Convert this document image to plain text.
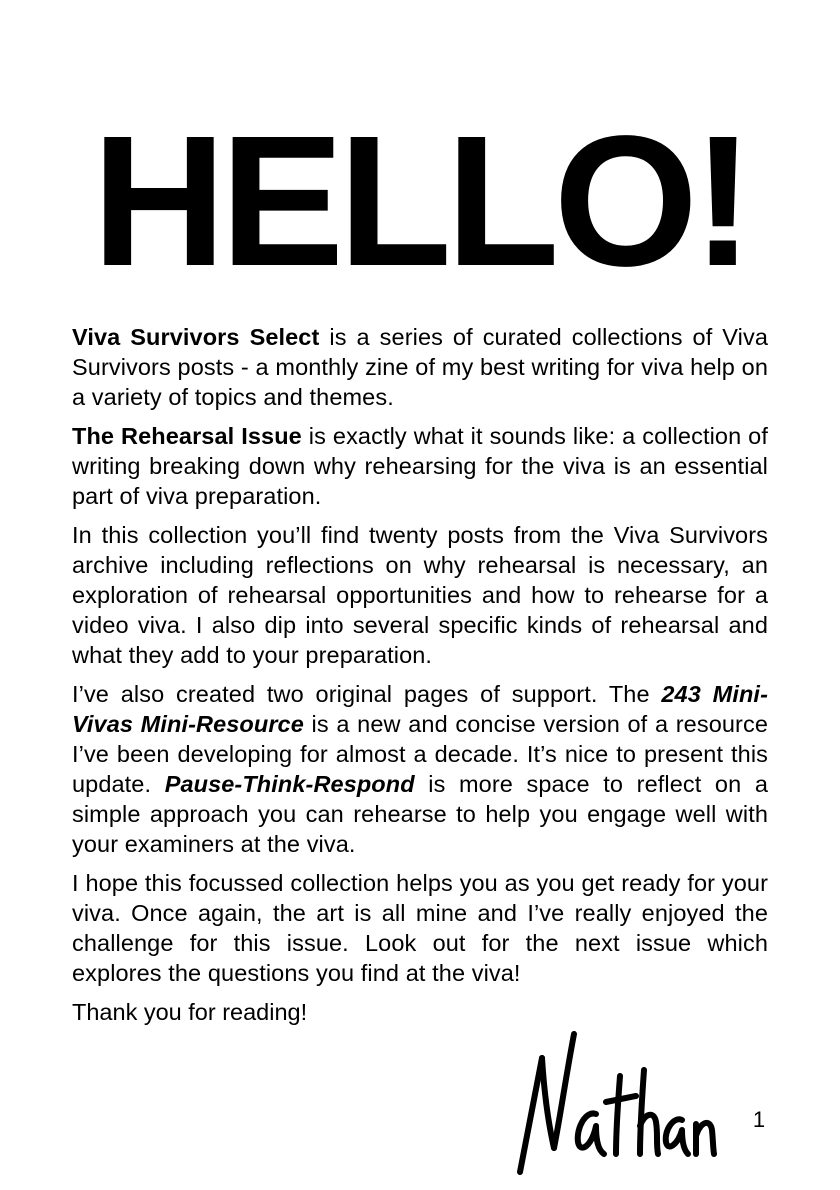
HELLO!

Viva Survivors Select is a series of curated collections of Viva Survivors posts - a monthly zine of my best writing for viva help on a variety of topics and themes.

The Rehearsal Issue is exactly what it sounds like: a collection of writing breaking down why rehearsing for the viva is an essential part of viva preparation.

In this collection you’ll find twenty posts from the Viva Survivors archive including reflections on why rehearsal is necessary, an exploration of rehearsal opportunities and how to rehearse for a video viva. I also dip into several specific kinds of rehearsal and what they add to your preparation.

I’ve also created two original pages of support. The 243 Mini-Vivas Mini-Resource is a new and concise version of a resource I’ve been developing for almost a decade. It’s nice to present this update. Pause-Think-Respond is more space to reflect on a simple approach you can rehearse to help you engage well with your examiners at the viva.

I hope this focussed collection helps you as you get ready for your viva. Once again, the art is all mine and I’ve really enjoyed the challenge for this issue. Look out for the next issue which explores the questions you find at the viva!

Thank you for reading!

1
